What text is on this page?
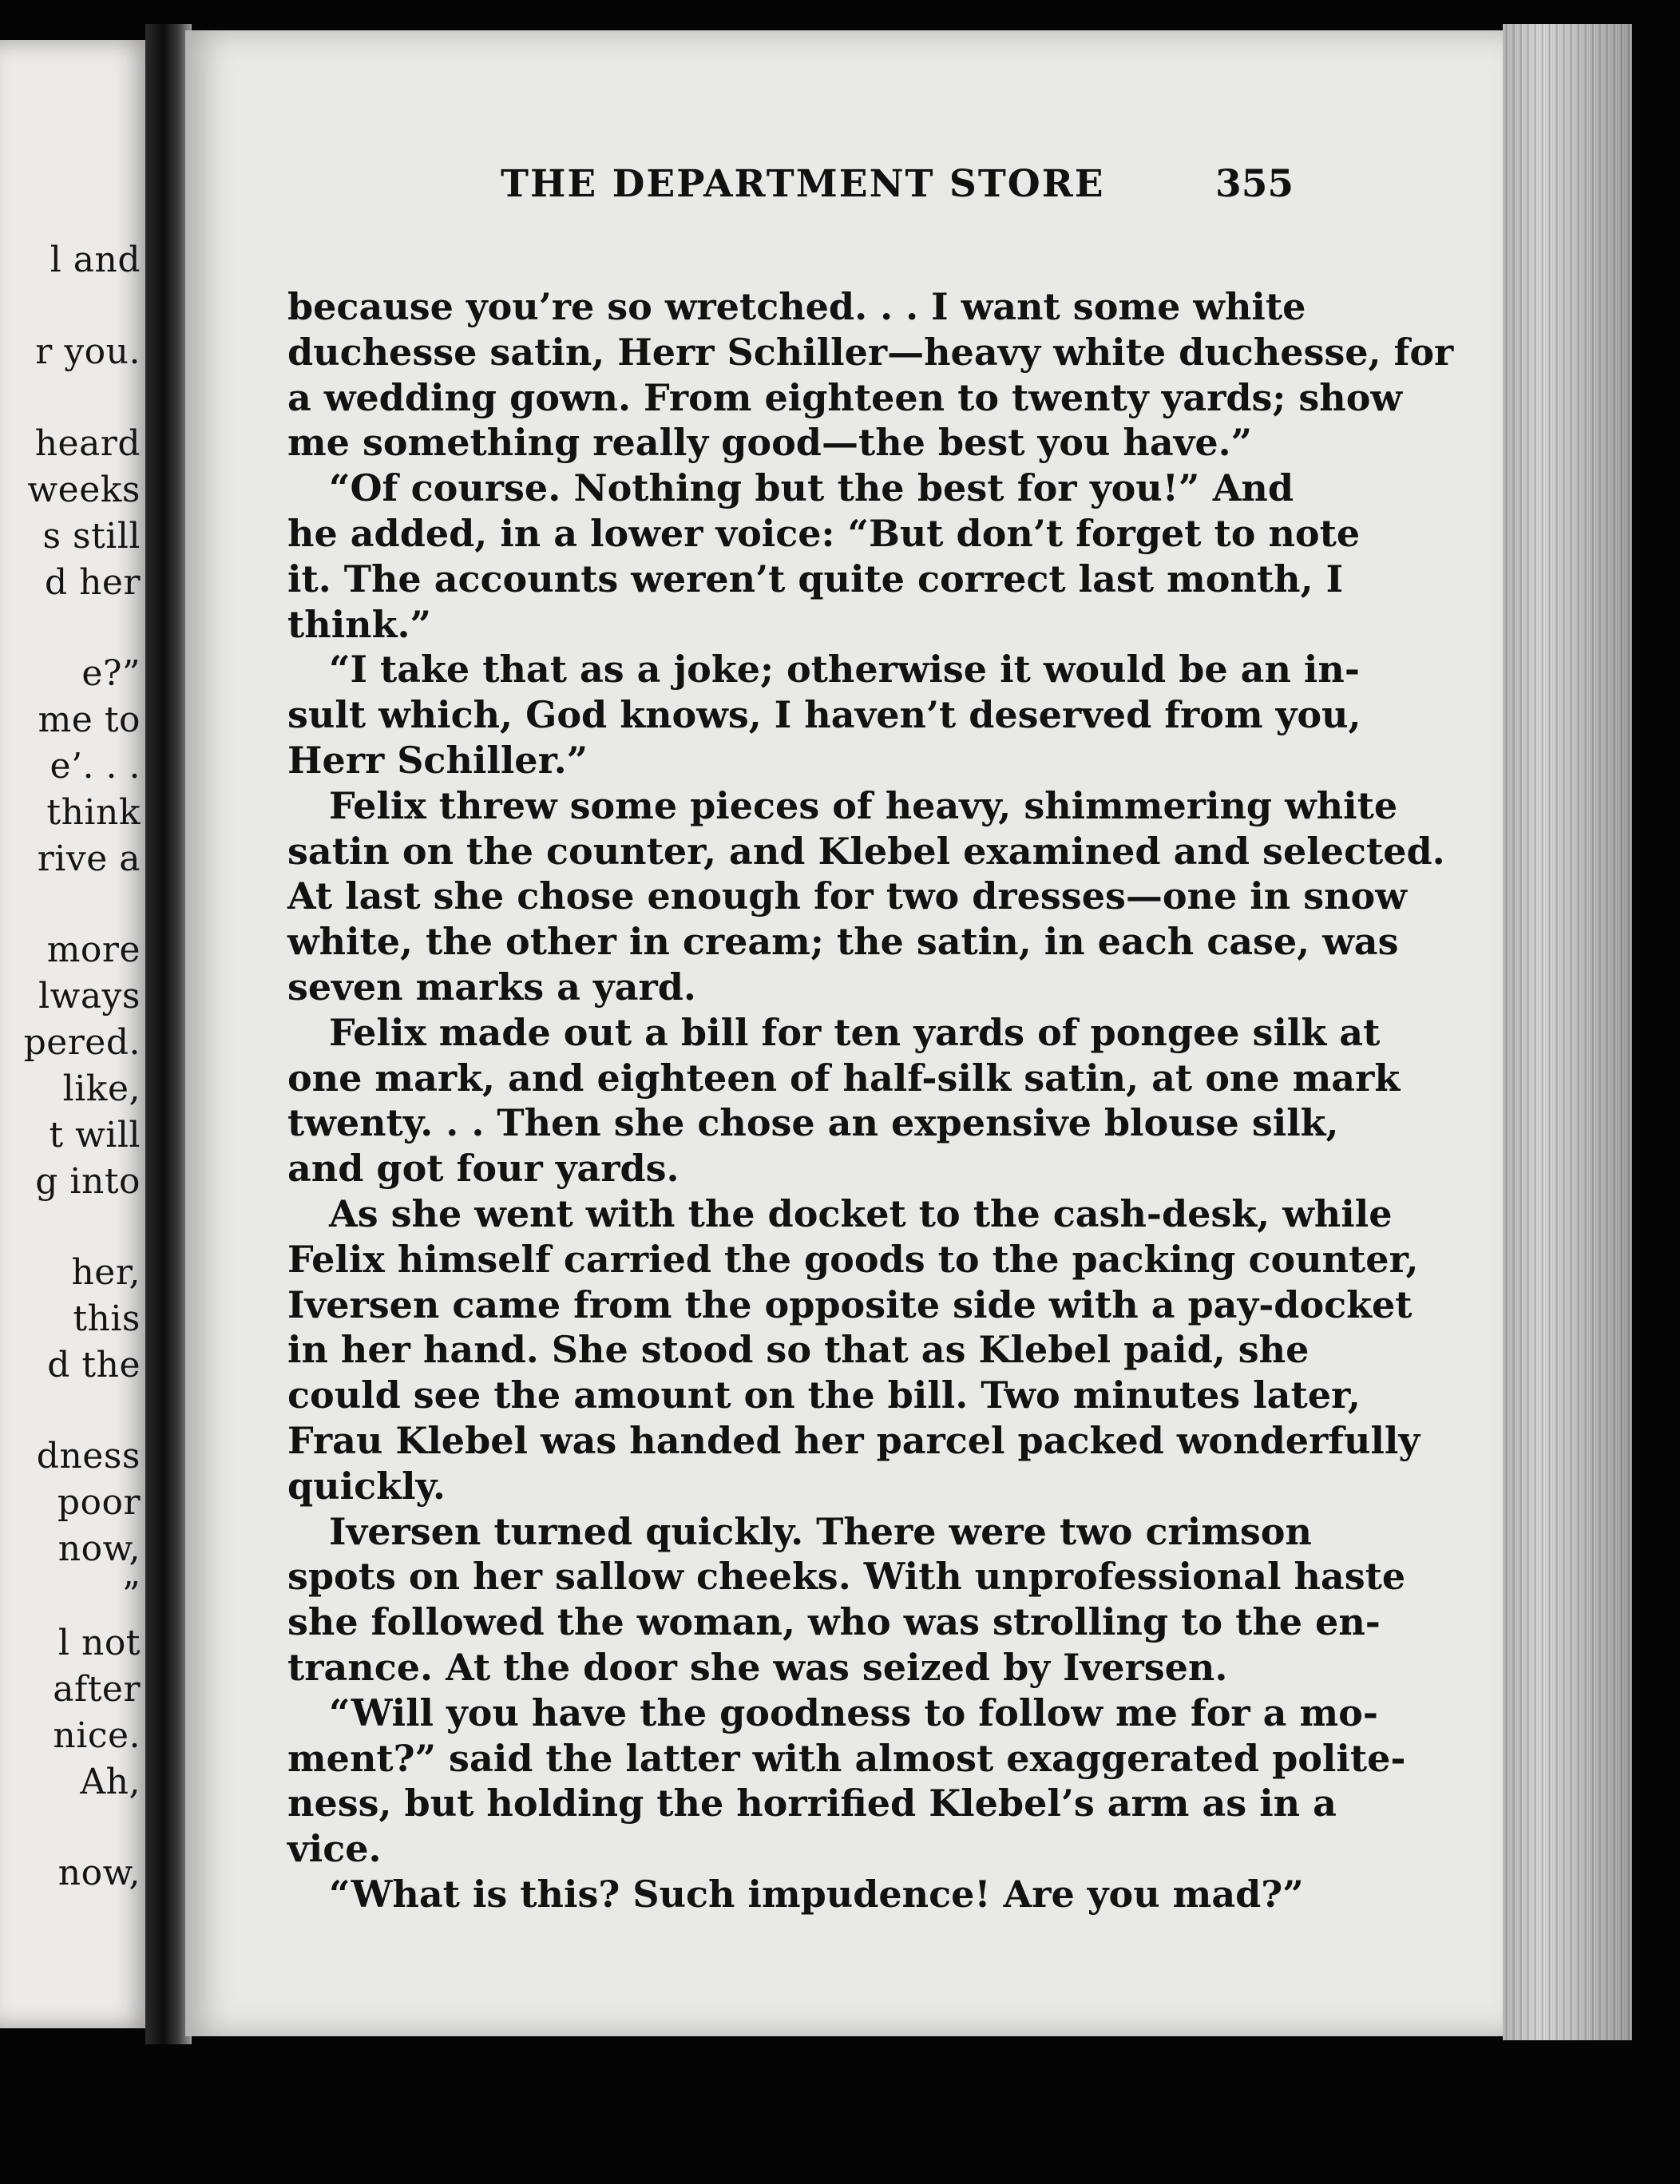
l and
r you.
heard
weeks
s still
d her
e?”
me to
e’. . .
think
rive a
more
lways
pered.
like,
t will
g into
her,
this
d the
dness
poor
now,
”
l not
after
nice.
Ah,
now,
THE DEPARTMENT STORE	355
because you’re so wretched. . . I want some white
duchesse satin, Herr Schiller—heavy white duchesse, for
a wedding gown. From eighteen to twenty yards; show
me something really good—the best you have.”
“Of course. Nothing but the best for you!” And
he added, in a lower voice: “But don’t forget to note
it. The accounts weren’t quite correct last month, I
think.”
“I take that as a joke; otherwise it would be an in-
sult which, God knows, I haven’t deserved from you,
Herr Schiller.”
Felix threw some pieces of heavy, shimmering white
satin on the counter, and Klebel examined and selected.
At last she chose enough for two dresses—one in snow
white, the other in cream; the satin, in each case, was
seven marks a yard.
Felix made out a bill for ten yards of pongee silk at
one mark, and eighteen of half-silk satin, at one mark
twenty. . . Then she chose an expensive blouse silk,
and got four yards.
As she went with the docket to the cash-desk, while
Felix himself carried the goods to the packing counter,
Iversen came from the opposite side with a pay-docket
in her hand. She stood so that as Klebel paid, she
could see the amount on the bill. Two minutes later,
Frau Klebel was handed her parcel packed wonderfully
quickly.
Iversen turned quickly. There were two crimson
spots on her sallow cheeks. With unprofessional haste
she followed the woman, who was strolling to the en-
trance. At the door she was seized by Iversen.
“Will you have the goodness to follow me for a mo-
ment?” said the latter with almost exaggerated polite-
ness, but holding the horrified Klebel’s arm as in a
vice.
“What is this? Such impudence! Are you mad?”
